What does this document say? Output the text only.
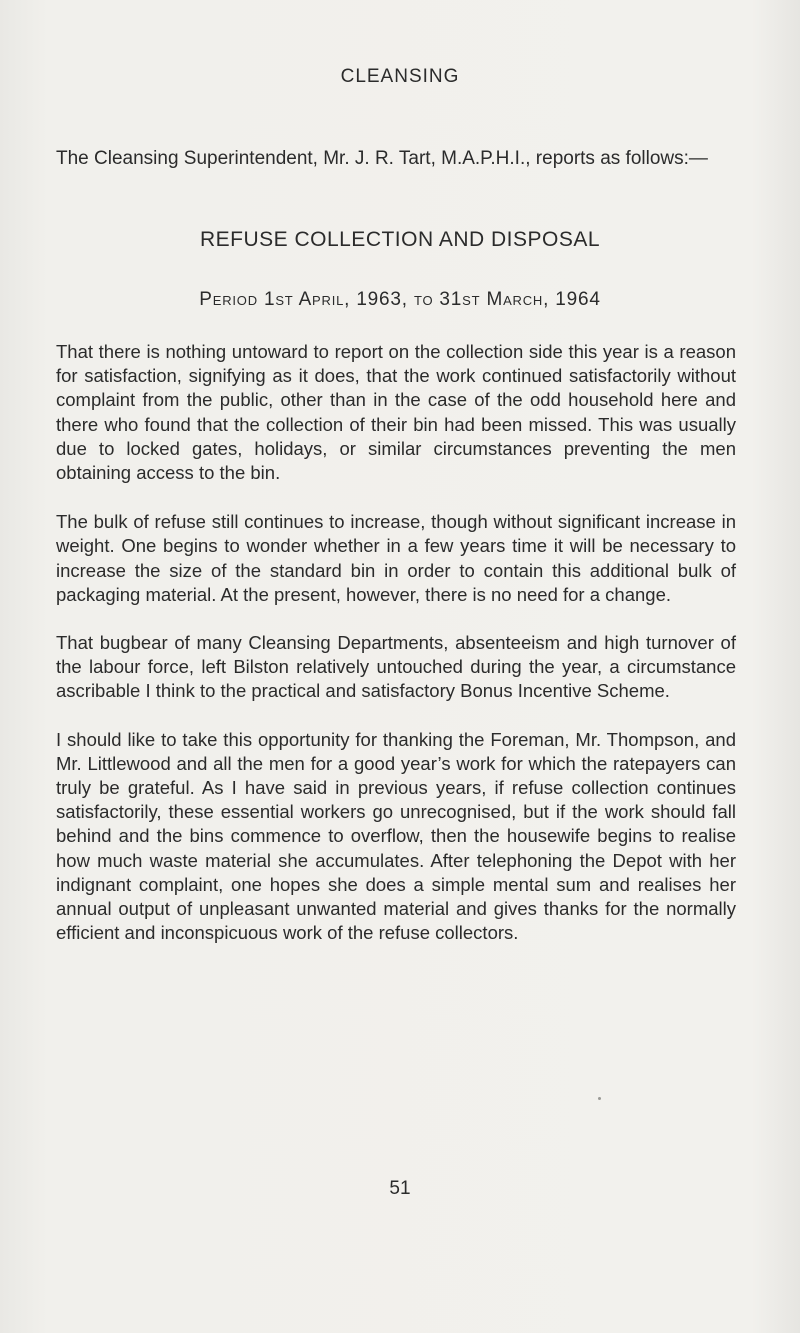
CLEANSING
The Cleansing Superintendent, Mr. J. R. Tart, M.A.P.H.I., reports as follows:—
REFUSE COLLECTION AND DISPOSAL
Period 1st April, 1963, to 31st March, 1964

That there is nothing untoward to report on the collection side this year is a reason for satisfaction, signifying as it does, that the work continued satisfactorily without complaint from the public, other than in the case of the odd household here and there who found that the collection of their bin had been missed. This was usually due to locked gates, holidays, or similar circumstances preventing the men obtaining access to the bin.

The bulk of refuse still continues to increase, though without significant increase in weight. One begins to wonder whether in a few years time it will be necessary to increase the size of the standard bin in order to contain this additional bulk of packaging material. At the present, however, there is no need for a change.

That bugbear of many Cleansing Departments, absenteeism and high turnover of the labour force, left Bilston relatively untouched during the year, a circumstance ascribable I think to the practical and satisfactory Bonus Incentive Scheme.

I should like to take this opportunity for thanking the Foreman, Mr. Thompson, and Mr. Littlewood and all the men for a good year’s work for which the ratepayers can truly be grateful. As I have said in previous years, if refuse collection continues satisfactorily, these essential workers go unrecognised, but if the work should fall behind and the bins commence to overflow, then the housewife begins to realise how much waste material she accumulates. After telephoning the Depot with her indignant complaint, one hopes she does a simple mental sum and realises her annual output of unpleasant unwanted material and gives thanks for the normally efficient and inconspicuous work of the refuse collectors.

51
